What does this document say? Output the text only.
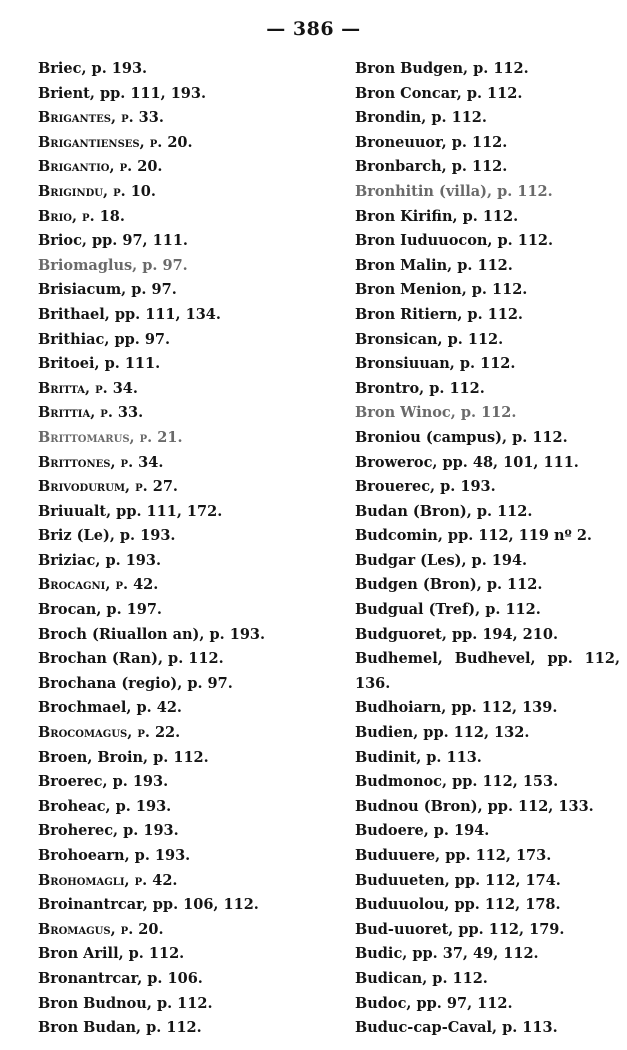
— 386 —
Briec, p. 193.
Brient, pp. 111, 193.
Brigantes, p. 33.
Brigantienses, p. 20.
Brigantio, p. 20.
Brigindu, p. 10.
Brio, p. 18.
Brioc, pp. 97, 111.
Briomaglus, p. 97.
Brisiacum, p. 97.
Brithael, pp. 111, 134.
Brithiac, pp. 97.
Britoei, p. 111.
Britta, p. 34.
Brittia, p. 33.
Brittomarus, p. 21.
Brittones, p. 34.
Brivodurum, p. 27.
Briuualt, pp. 111, 172.
Briz (Le), p. 193.
Briziac, p. 193.
Brocagni, p. 42.
Brocan, p. 197.
Broch (Riuallon an), p. 193.
Brochan (Ran), p. 112.
Brochana (regio), p. 97.
Brochmael, p. 42.
Brocomagus, p. 22.
Broen, Broin, p. 112.
Broerec, p. 193.
Broheac, p. 193.
Broherec, p. 193.
Brohoearn, p. 193.
Brohomagli, p. 42.
Broinantrcar, pp. 106, 112.
Bromagus, p. 20.
Bron Arill, p. 112.
Bronantrcar, p. 106.
Bron Budnou, p. 112.
Bron Budan, p. 112.
Bron Budgen, p. 112.
Bron Concar, p. 112.
Brondin, p. 112.
Broneuuor, p. 112.
Bronbarch, p. 112.
Bronhitin (villa), p. 112.
Bron Kirifin, p. 112.
Bron Iuduuocon, p. 112.
Bron Malin, p. 112.
Bron Menion, p. 112.
Bron Ritiern, p. 112.
Bronsican, p. 112.
Bronsiuuan, p. 112.
Brontro, p. 112.
Bron Winoc, p. 112.
Broniou (campus), p. 112.
Broweroc, pp. 48, 101, 111.
Brouerec, p. 193.
Budan (Bron), p. 112.
Budcomin, pp. 112, 119 nº 2.
Budgar (Les), p. 194.
Budgen (Bron), p. 112.
Budgual (Tref), p. 112.
Budguoret, pp. 194, 210.
Budhemel, Budhevel, pp. 112, 136.
Budhoiarn, pp. 112, 139.
Budien, pp. 112, 132.
Budinit, p. 113.
Budmonoc, pp. 112, 153.
Budnou (Bron), pp. 112, 133.
Budoere, p. 194.
Buduuere, pp. 112, 173.
Buduueten, pp. 112, 174.
Buduuolou, pp. 112, 178.
Bud-uuoret, pp. 112, 179.
Budic, pp. 37, 49, 112.
Budican, p. 112.
Budoc, pp. 97, 112.
Buduc-cap-Caval, p. 113.
